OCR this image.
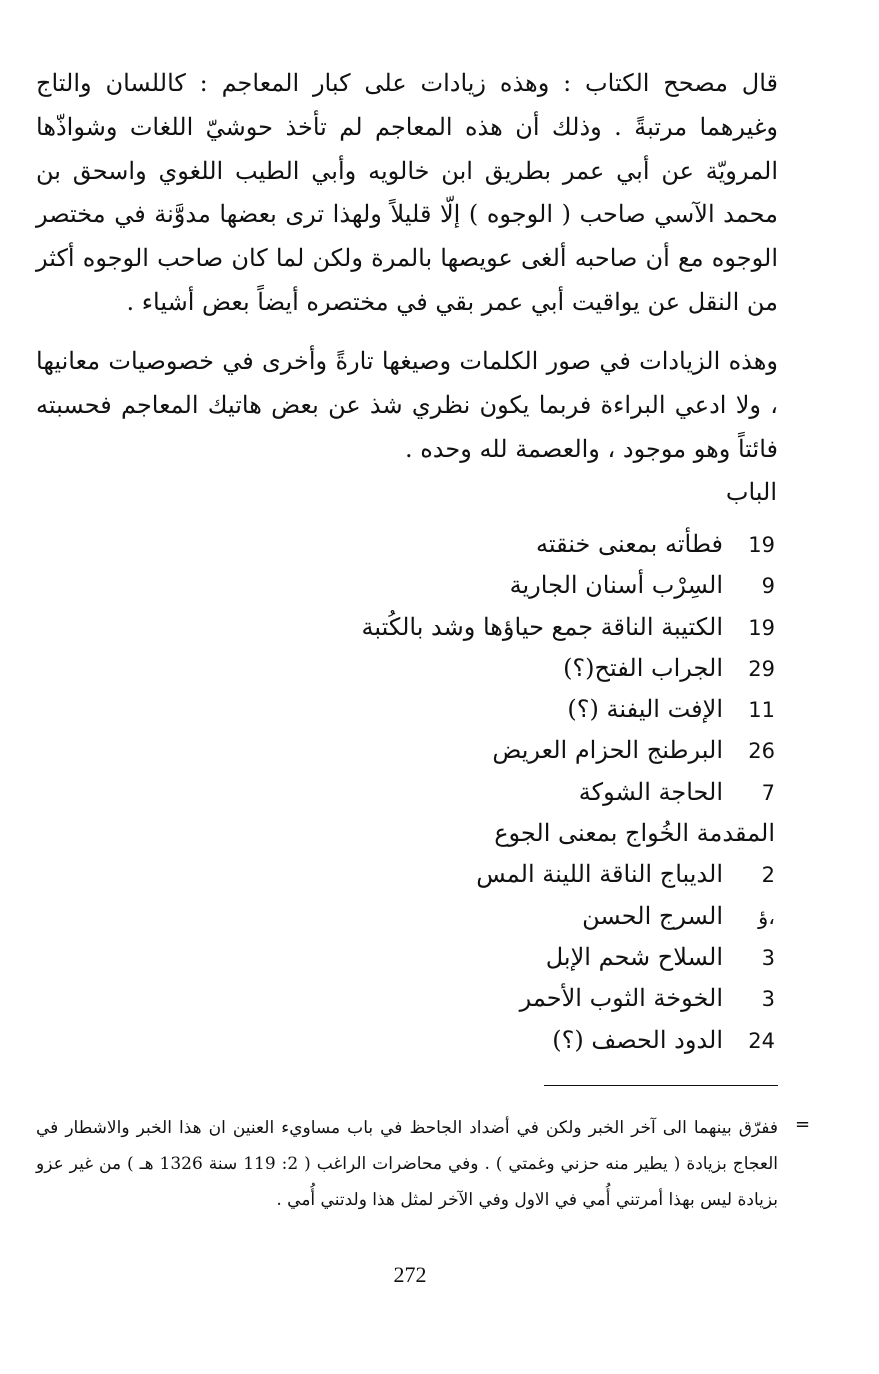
قال مصحح الكتاب : وهذه زيادات على كبار المعاجم : كاللسان والتاج وغيرهما مرتبةً . وذلك أن هذه المعاجم لم تأخذ حوشيّ اللغات وشواذّها المرويّة عن أبي عمر بطريق ابن خالويه وأبي الطيب اللغوي واسحق بن محمد الآسي صاحب ( الوجوه ) إلّا قليلاً ولهذا ترى بعضها مدوَّنة في مختصر الوجوه مع أن صاحبه ألغى عويصها بالمرة ولكن لما كان صاحب الوجوه أكثر من النقل عن يواقيت أبي عمر بقي في مختصره أيضاً بعض أشياء .

وهذه الزيادات في صور الكلمات وصيغها تارةً وأخرى في خصوصيات معانيها ، ولا ادعي البراءة فربما يكون نظري شذ عن بعض هاتيك المعاجم فحسبته فائتاً وهو موجود ، والعصمة لله وحده .

الباب

19فطأته بمعنى خنقته
9السِرْب أسنان الجارية
19الكتيبة الناقة جمع حياؤها وشد بالكُتبة
29الجراب الفتح(؟)
11الإفت اليفنة (؟)
26البرطنج الحزام العريض
7الحاجة الشوكة
المقدمة الخُواج بمعنى الجوع
2الديباج الناقة اللينة المس
،ؤالسرج الحسن
3السلاح شحم الإبل
3الخوخة الثوب الأحمر
24الدود الحصف (؟)
=

ففرّق بينهما الى آخر الخبر ولكن في أضداد الجاحظ في باب مساويء العنين ان هذا الخبر والاشطار في العجاج بزيادة ( يطير منه حزني وغمتي ) . وفي محاضرات الراغب ( 2: 119 سنة 1326 هـ ) من غير عزو بزيادة ليس بهذا أمرتني أُمي في الاول وفي الآخر لمثل هذا ولدتني أُمي .

272
